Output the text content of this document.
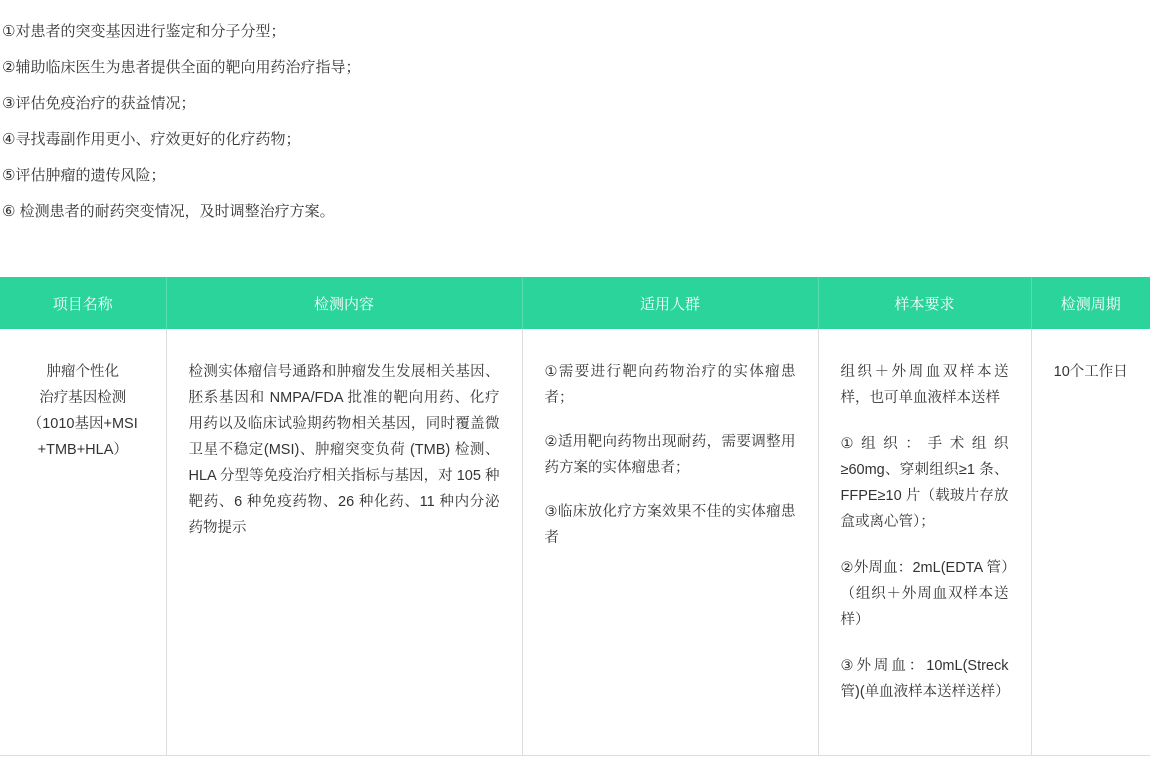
①对患者的突变基因进行鉴定和分子分型；
②辅助临床医生为患者提供全面的靶向用药治疗指导；
③评估免疫治疗的获益情况；
④寻找毒副作用更小、疗效更好的化疗药物；
⑤评估肿瘤的遗传风险；
⑥ 检测患者的耐药突变情况，及时调整治疗方案。
项目名称	检测内容	适用人群	样本要求	检测周期

肿瘤个性化
治疗基因检测
（1010基因+MSI
+TMB+HLA）

检测实体瘤信号通路和肿瘤发生发展相关基因、胚系基因和 NMPA/FDA 批准的靶向用药、化疗用药以及临床试验期药物相关基因，同时覆盖微卫星不稳定(MSI)、肿瘤突变负荷 (TMB) 检测、HLA 分型等免疫治疗相关指标与基因，对 105 种靶药、6 种免疫药物、26 种化药、11 种内分泌药物提示

①需要进行靶向药物治疗的实体瘤患者；
②适用靶向药物出现耐药，需要调整用药方案的实体瘤患者；
③临床放化疗方案效果不佳的实体瘤患者

组织＋外周血双样本送样，也可单血液样本送样
①组织：手术组织≥60mg、穿刺组织≥1 条、FFPE≥10 片（载玻片存放盒或离心管）；
②外周血：2mL(EDTA 管）（组织＋外周血双样本送样）
③外周血：10mL(Streck 管)(单血液样本送样送样）
	10个工作日
